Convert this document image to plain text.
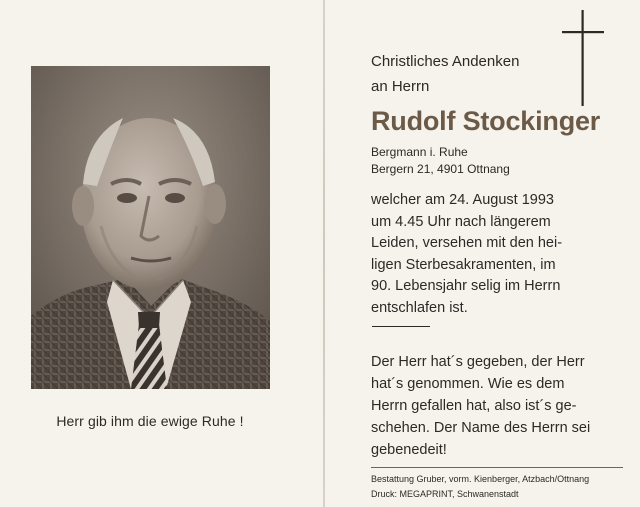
Herr gib ihm die ewige Ruhe !
Christliches Andenken
an Herrn
Rudolf Stockinger
Bergmann i. Ruhe
Bergern 21, 4901 Ottnang
welcher am 24. August 1993
um 4.45 Uhr nach längerem
Leiden, versehen mit den hei-
ligen Sterbesakramenten, im
90. Lebensjahr selig im Herrn
entschlafen ist.
Der Herr hat´s gegeben, der Herr
hat´s genommen. Wie es dem
Herrn gefallen hat, also ist´s ge-
schehen. Der Name des Herrn sei
gebenedeit!
Bestattung Gruber, vorm. Kienberger, Atzbach/Ottnang
Druck: MEGAPRINT, Schwanenstadt
